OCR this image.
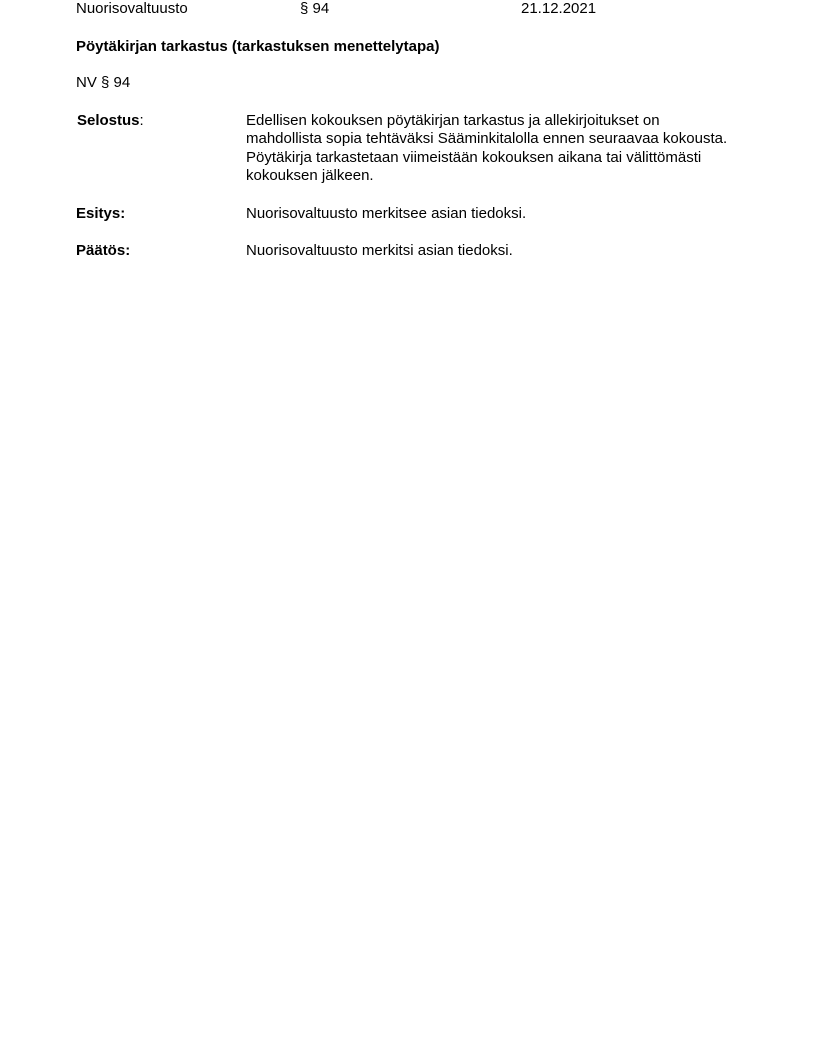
Nuorisovaltuusto	§ 94	21.12.2021
Pöytäkirjan tarkastus (tarkastuksen menettelytapa)
NV § 94
Selostus:	Edellisen kokouksen pöytäkirjan tarkastus ja allekirjoitukset on mahdollista sopia tehtäväksi Sääminkitalolla ennen seuraavaa kokousta. Pöytäkirja tarkastetaan viimeistään kokouksen aikana tai välittömästi kokouksen jälkeen.
Esitys:	Nuorisovaltuusto merkitsee asian tiedoksi.
Päätös:	Nuorisovaltuusto merkitsi asian tiedoksi.
